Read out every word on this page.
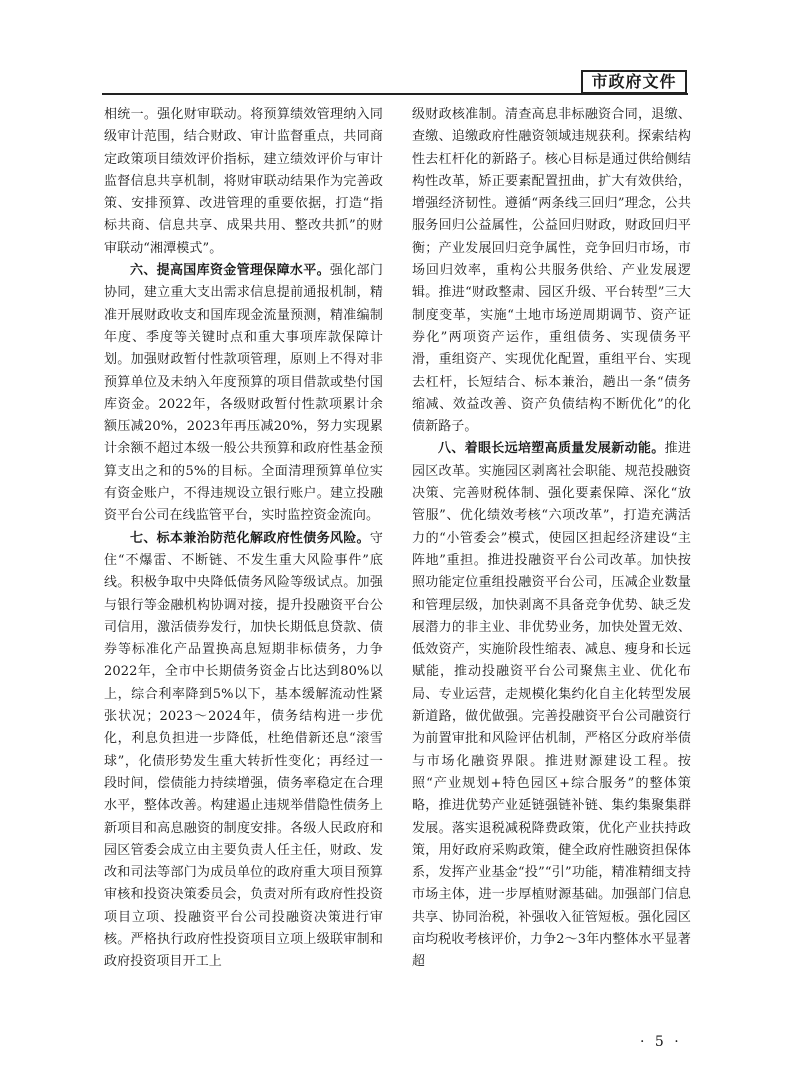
市政府文件

相统一。强化财审联动。将预算绩效管理纳入同级审计范围，结合财政、审计监督重点，共同商定政策项目绩效评价指标，建立绩效评价与审计监督信息共享机制，将财审联动结果作为完善政策、安排预算、改进管理的重要依据，打造“指标共商、信息共享、成果共用、整改共抓”的财审联动“湘潭模式”。

六、提高国库资金管理保障水平。强化部门协同，建立重大支出需求信息提前通报机制，精准开展财政收支和国库现金流量预测，精准编制年度、季度等关键时点和重大事项库款保障计划。加强财政暂付性款项管理，原则上不得对非预算单位及未纳入年度预算的项目借款或垫付国库资金。2022年，各级财政暂付性款项累计余额压减20%，2023年再压减20%，努力实现累计余额不超过本级一般公共预算和政府性基金预算支出之和的5%的目标。全面清理预算单位实有资金账户，不得违规设立银行账户。建立投融资平台公司在线监管平台，实时监控资金流向。

七、标本兼治防范化解政府性债务风险。守住“不爆雷、不断链、不发生重大风险事件”底线。积极争取中央降低债务风险等级试点。加强与银行等金融机构协调对接，提升投融资平台公司信用，激活债券发行，加快长期低息贷款、债券等标准化产品置换高息短期非标债务，力争2022年，全市中长期债务资金占比达到80%以上，综合利率降到5%以下，基本缓解流动性紧张状况；2023～2024年，债务结构进一步优化，利息负担进一步降低，杜绝借新还息“滚雪球”，化债形势发生重大转折性变化；再经过一段时间，偿债能力持续增强，债务率稳定在合理水平，整体改善。构建遏止违规举借隐性债务上新项目和高息融资的制度安排。各级人民政府和园区管委会成立由主要负责人任主任，财政、发改和司法等部门为成员单位的政府重大项目预算审核和投资决策委员会，负责对所有政府性投资项目立项、投融资平台公司投融资决策进行审核。严格执行政府性投资项目立项上级联审制和政府投资项目开工上

级财政核准制。清查高息非标融资合同，退缴、查缴、追缴政府性融资领域违规获利。探索结构性去杠杆化的新路子。核心目标是通过供给侧结构性改革，矫正要素配置扭曲，扩大有效供给，增强经济韧性。遵循“两条线三回归”理念，公共服务回归公益属性，公益回归财政，财政回归平衡；产业发展回归竞争属性，竞争回归市场，市场回归效率，重构公共服务供给、产业发展逻辑。推进“财政整肃、园区升级、平台转型”三大制度变革，实施“土地市场逆周期调节、资产证券化”两项资产运作，重组债务、实现债务平滑，重组资产、实现优化配置，重组平台、实现去杠杆，长短结合、标本兼治，趟出一条“债务缩减、效益改善、资产负债结构不断优化”的化债新路子。

八、着眼长远培塑高质量发展新动能。推进园区改革。实施园区剥离社会职能、规范投融资决策、完善财税体制、强化要素保障、深化“放管服”、优化绩效考核“六项改革”，打造充满活力的“小管委会”模式，使园区担起经济建设“主阵地”重担。推进投融资平台公司改革。加快按照功能定位重组投融资平台公司，压减企业数量和管理层级，加快剥离不具备竞争优势、缺乏发展潜力的非主业、非优势业务，加快处置无效、低效资产，实施阶段性缩表、减息、瘦身和长远赋能，推动投融资平台公司聚焦主业、优化布局、专业运营，走规模化集约化自主化转型发展新道路，做优做强。完善投融资平台公司融资行为前置审批和风险评估机制，严格区分政府举债与市场化融资界限。推进财源建设工程。按照“产业规划+特色园区+综合服务”的整体策略，推进优势产业延链强链补链、集约集聚集群发展。落实退税减税降费政策，优化产业扶持政策，用好政府采购政策，健全政府性融资担保体系，发挥产业基金“投”“引”功能，精准精细支持市场主体，进一步厚植财源基础。加强部门信息共享、协同治税，补强收入征管短板。强化园区亩均税收考核评价，力争2～3年内整体水平显著超

· 5 ·
